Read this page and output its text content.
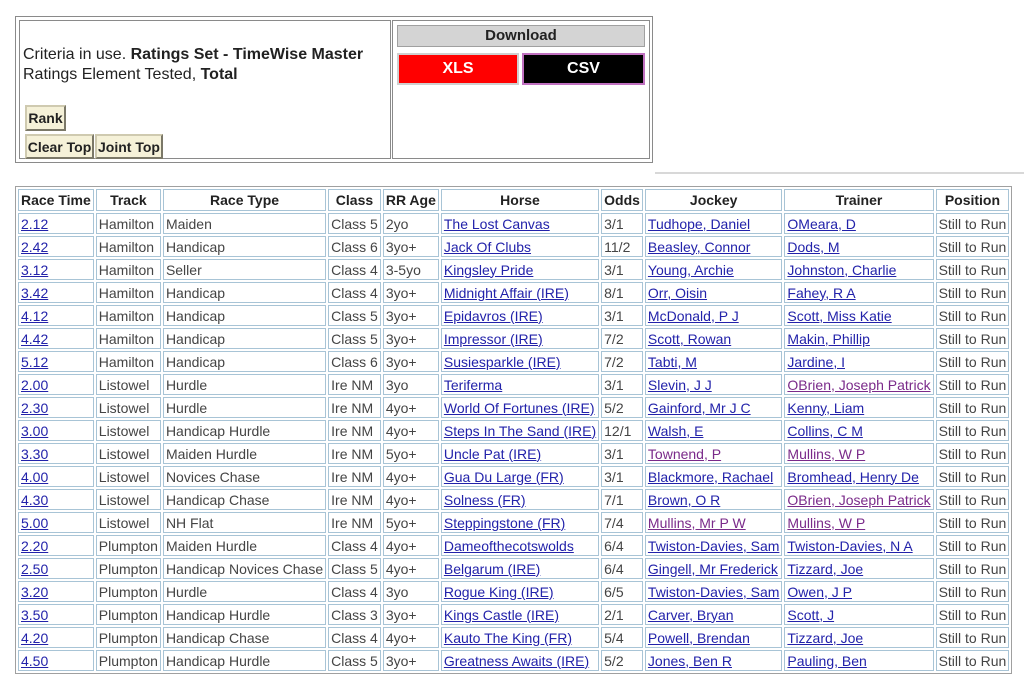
Criteria in use. Ratings Set - TimeWise Master
Ratings Element Tested, Total
Rank
Clear Top Joint Top
Download
XLS	CSV
Race Time	Track	Race Type	Class	RR Age	Horse	Odds	Jockey	Trainer	Position
2.12	Hamilton	Maiden	Class 5	2yo	The Lost Canvas	3/1	Tudhope, Daniel	OMeara, D	Still to Run
2.42	Hamilton	Handicap	Class 6	3yo+	Jack Of Clubs	11/2	Beasley, Connor	Dods, M	Still to Run
3.12	Hamilton	Seller	Class 4	3-5yo	Kingsley Pride	3/1	Young, Archie	Johnston, Charlie	Still to Run
3.42	Hamilton	Handicap	Class 4	3yo+	Midnight Affair (IRE)	8/1	Orr, Oisin	Fahey, R A	Still to Run
4.12	Hamilton	Handicap	Class 5	3yo+	Epidavros (IRE)	3/1	McDonald, P J	Scott, Miss Katie	Still to Run
4.42	Hamilton	Handicap	Class 5	3yo+	Impressor (IRE)	7/2	Scott, Rowan	Makin, Phillip	Still to Run
5.12	Hamilton	Handicap	Class 6	3yo+	Susiesparkle (IRE)	7/2	Tabti, M	Jardine, I	Still to Run
2.00	Listowel	Hurdle	Ire NM	3yo	Teriferma	3/1	Slevin, J J	OBrien, Joseph Patrick	Still to Run
2.30	Listowel	Hurdle	Ire NM	4yo+	World Of Fortunes (IRE)	5/2	Gainford, Mr J C	Kenny, Liam	Still to Run
3.00	Listowel	Handicap Hurdle	Ire NM	4yo+	Steps In The Sand (IRE)	12/1	Walsh, E	Collins, C M	Still to Run
3.30	Listowel	Maiden Hurdle	Ire NM	5yo+	Uncle Pat (IRE)	3/1	Townend, P	Mullins, W P	Still to Run
4.00	Listowel	Novices Chase	Ire NM	4yo+	Gua Du Large (FR)	3/1	Blackmore, Rachael	Bromhead, Henry De	Still to Run
4.30	Listowel	Handicap Chase	Ire NM	4yo+	Solness (FR)	7/1	Brown, O R	OBrien, Joseph Patrick	Still to Run
5.00	Listowel	NH Flat	Ire NM	5yo+	Steppingstone (FR)	7/4	Mullins, Mr P W	Mullins, W P	Still to Run
2.20	Plumpton	Maiden Hurdle	Class 4	4yo+	Dameofthecotswolds	6/4	Twiston-Davies, Sam	Twiston-Davies, N A	Still to Run
2.50	Plumpton	Handicap Novices Chase	Class 5	4yo+	Belgarum (IRE)	6/4	Gingell, Mr Frederick	Tizzard, Joe	Still to Run
3.20	Plumpton	Hurdle	Class 4	3yo	Rogue King (IRE)	6/5	Twiston-Davies, Sam	Owen, J P	Still to Run
3.50	Plumpton	Handicap Hurdle	Class 3	3yo+	Kings Castle (IRE)	2/1	Carver, Bryan	Scott, J	Still to Run
4.20	Plumpton	Handicap Chase	Class 4	4yo+	Kauto The King (FR)	5/4	Powell, Brendan	Tizzard, Joe	Still to Run
4.50	Plumpton	Handicap Hurdle	Class 5	3yo+	Greatness Awaits (IRE)	5/2	Jones, Ben R	Pauling, Ben	Still to Run
